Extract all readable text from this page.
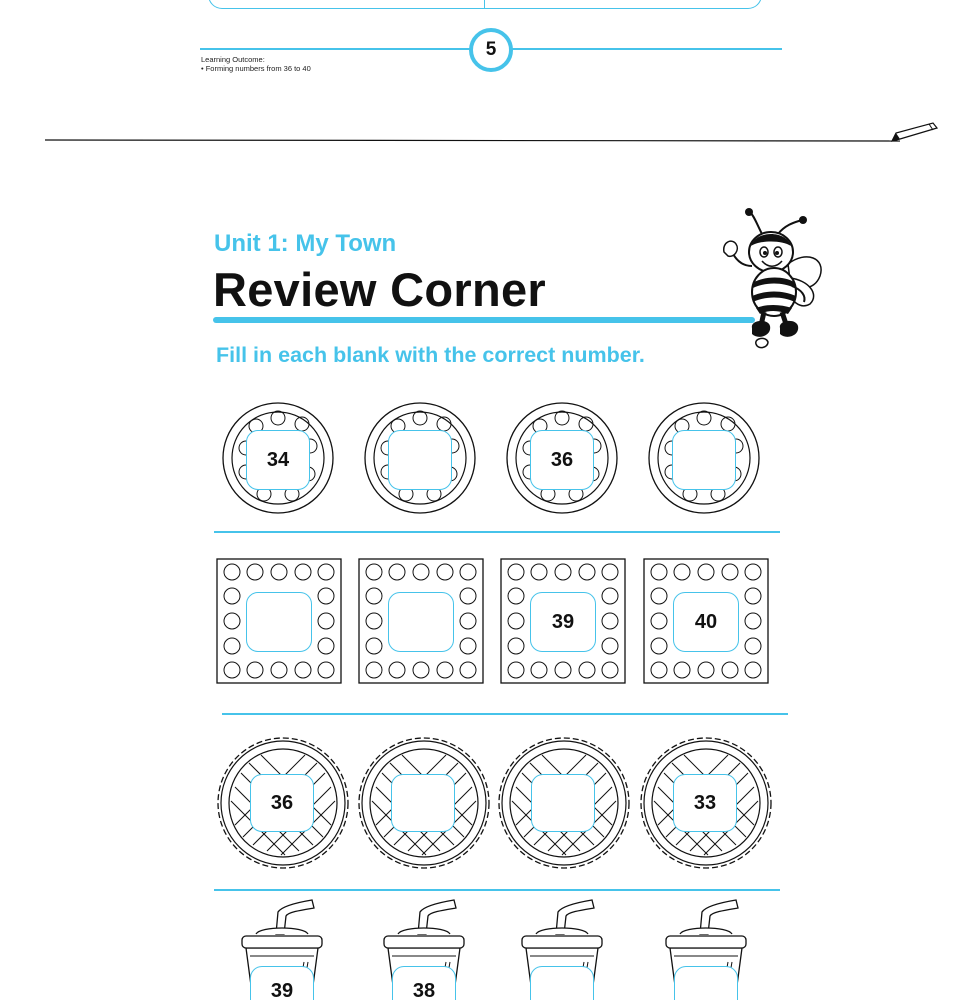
5
Learning Outcome:
• Forming numbers from 36 to 40
Unit 1: My Town
Review Corner
Fill in each blank with the correct number.
34	36
39	40
36	33
39	38
